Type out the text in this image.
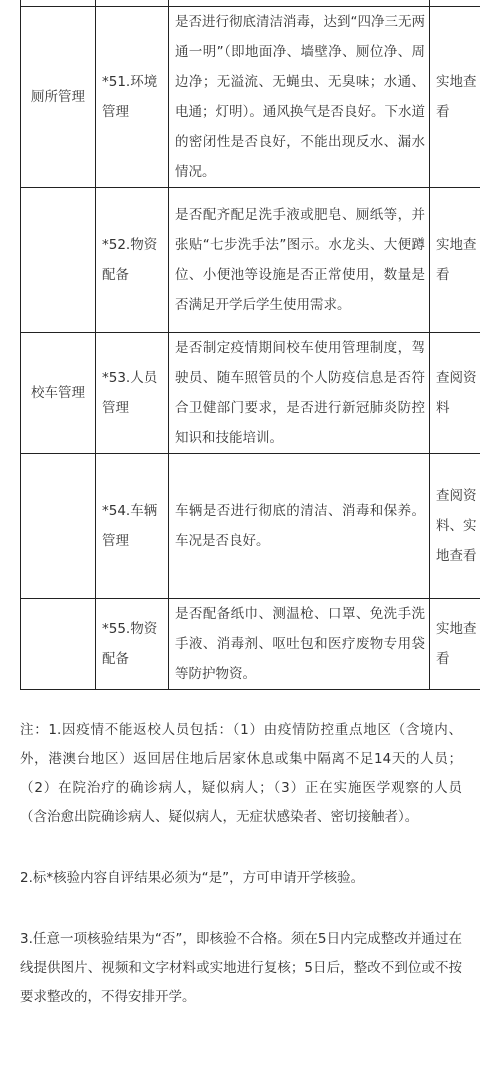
厕所管理	*51.环境管理	是否进行彻底清洁消毒，达到“四净三无两通一明”（即地面净、墙壁净、厕位净、周边净；无溢流、无蝇虫、无臭味；水通、电通；灯明）。通风换气是否良好。下水道的密闭性是否良好，不能出现反水、漏水情况。	实地查看
	*52.物资配备	是否配齐配足洗手液或肥皂、厕纸等，并张贴“七步洗手法”图示。水龙头、大便蹲位、小便池等设施是否正常使用，数量是否满足开学后学生使用需求。	实地查看
校车管理	*53.人员管理	是否制定疫情期间校车使用管理制度，驾驶员、随车照管员的个人防疫信息是否符合卫健部门要求，是否进行新冠肺炎防控知识和技能培训。	查阅资料
	*54.车辆管理	车辆是否进行彻底的清洁、消毒和保养。车况是否良好。	查阅资料、实地查看
	*55.物资配备	是否配备纸巾、测温枪、口罩、免洗手洗手液、消毒剂、呕吐包和医疗废物专用袋等防护物资。	实地查看

注：1.因疫情不能返校人员包括：（1）由疫情防控重点地区（含境内、外，港澳台地区）返回居住地后居家休息或集中隔离不足14天的人员；（2）在院治疗的确诊病人，疑似病人；（3）正在实施医学观察的人员（含治愈出院确诊病人、疑似病人，无症状感染者、密切接触者）。

2.标*核验内容自评结果必须为“是”，方可申请开学核验。

3.任意一项核验结果为“否”，即核验不合格。须在5日内完成整改并通过在线提供图片、视频和文字材料或实地进行复核；5日后，整改不到位或不按要求整改的，不得安排开学。
